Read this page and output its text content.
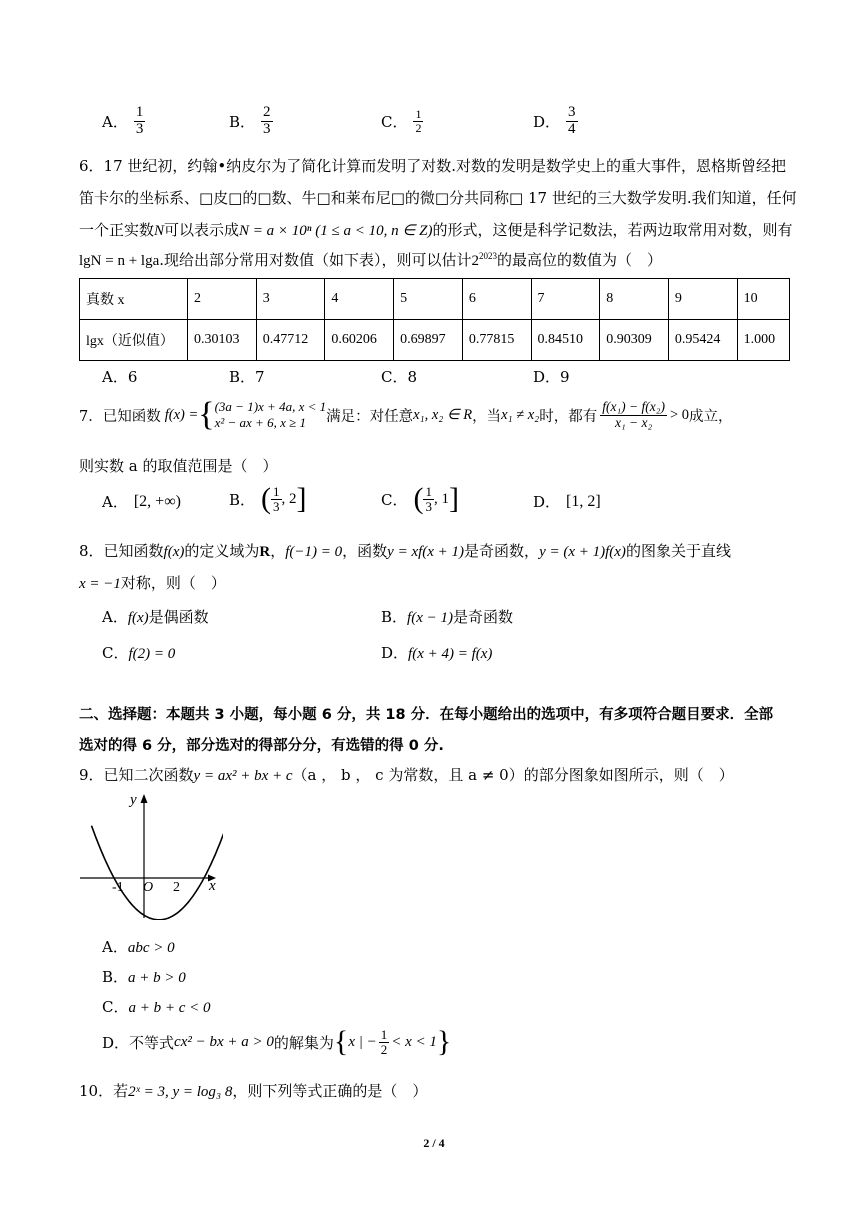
A． $\frac{1}{3}$	B． $\frac{2}{3}$	C． $\frac{1}{2}$	D． $\frac{3}{4}$
6．17 世纪初，约翰•纳皮尔为了简化计算而发明了对数.对数的发明是数学史上的重大事件，恩格斯曾经把
笛卡尔的坐标系、□皮□的□数、牛□和莱布尼□的微□分共同称□ 17 世纪的三大数学发明.我们知道，任何
一个正实数N可以表示成N = a × 10ⁿ (1 ≤ a < 10, n ∈ Z)的形式，这便是科学记数法，若两边取常用对数，则有
lgN = n + lga.现给出部分常用对数值（如下表），则可以估计$2^{2023}$的最高位的数值为（　）
真数 x	2	3	4	5	6	7	8	9	10
lgx（近似值）	0.30103	0.47712	0.60206	0.69897	0.77815	0.84510	0.90309	0.95424	1.000
A．6	B．7	C．8	D．9
7．已知函数 f(x) = { (3a − 1)x + 4a, x < 1
x² − ax + 6, x ≥ 1	满足：对任意 x₁, x₂ ∈ R ，当 x₁ ≠ x₂ 时，都有 $\frac{\text{f(x₁) − f(x₂)}}{\text{x₁ − x₂}} > 0$ 成立，
则实数 a 的取值范围是（　）
A． [2, +∞)	B． ( $\frac{1}{3}$ , 2 ]	C． ( $\frac{1}{3}$ , 1 ]	D． [1, 2]
8．已知函数f(x)的定义域为R，f(−1) = 0，函数y = xf(x + 1)是奇函数，y = (x + 1)f(x)的图象关于直线
x = −1对称，则（　）
A．f(x)是偶函数	B．f(x − 1)是奇函数
C．f(2) = 0	D．f(x + 4) = f(x)
二、选择题：本题共 3 小题，每小题 6 分，共 18 分．在每小题给出的选项中，有多项符合题目要求．全部
选对的得 6 分，部分选对的得部分分，有选错的得 0 分.
9．已知二次函数y = ax² + bx + c（a ， b ， c 为常数，且 a ≠ 0）的部分图象如图所示，则（　）
y
x
O
-1	2
A．abc > 0
B．a + b > 0
C．a + b + c < 0
D． 不等式 cx² − bx + a > 0 的解集为 { x | − $\frac{1}{2} < x < 1$ }
10．若2ˣ = 3, y = log₃ 8，则下列等式正确的是（　）
2 / 4
